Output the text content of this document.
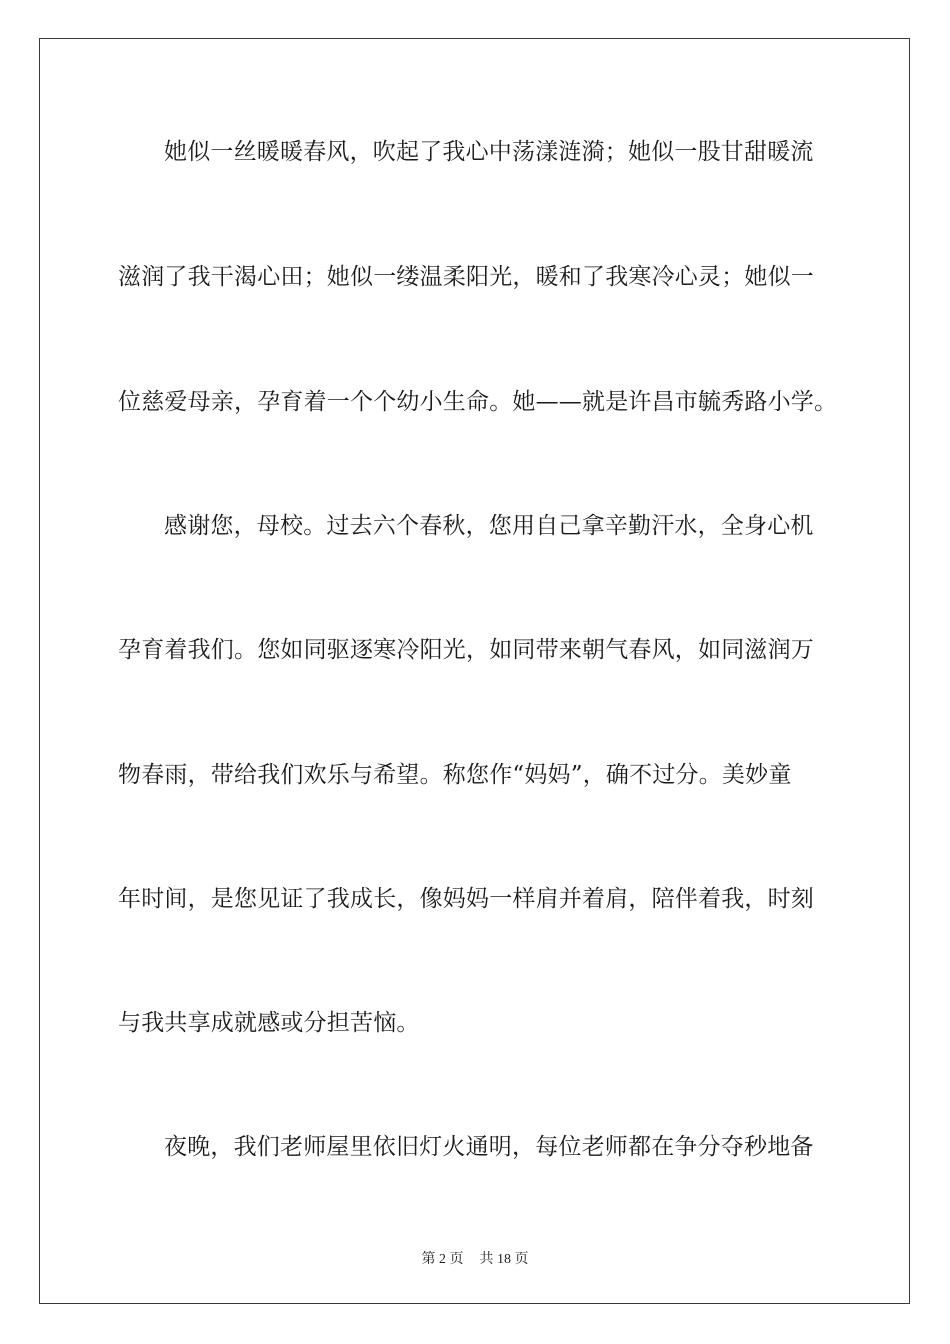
她似一丝暖暖春风，吹起了我心中荡漾涟漪；她似一股甘甜暖流
滋润了我干渴心田；她似一缕温柔阳光，暖和了我寒冷心灵；她似一
位慈爱母亲，孕育着一个个幼小生命。她——就是许昌市毓秀路小学。
感谢您，母校。过去六个春秋，您用自己拿辛勤汗水，全身心机
孕育着我们。您如同驱逐寒冷阳光，如同带来朝气春风，如同滋润万
物春雨，带给我们欢乐与希望。称您作“妈妈”，确不过分。美妙童
年时间，是您见证了我成长，像妈妈一样肩并着肩，陪伴着我，时刻
与我共享成就感或分担苦恼。
夜晚，我们老师屋里依旧灯火通明，每位老师都在争分夺秒地备
第 2 页 共 18 页
